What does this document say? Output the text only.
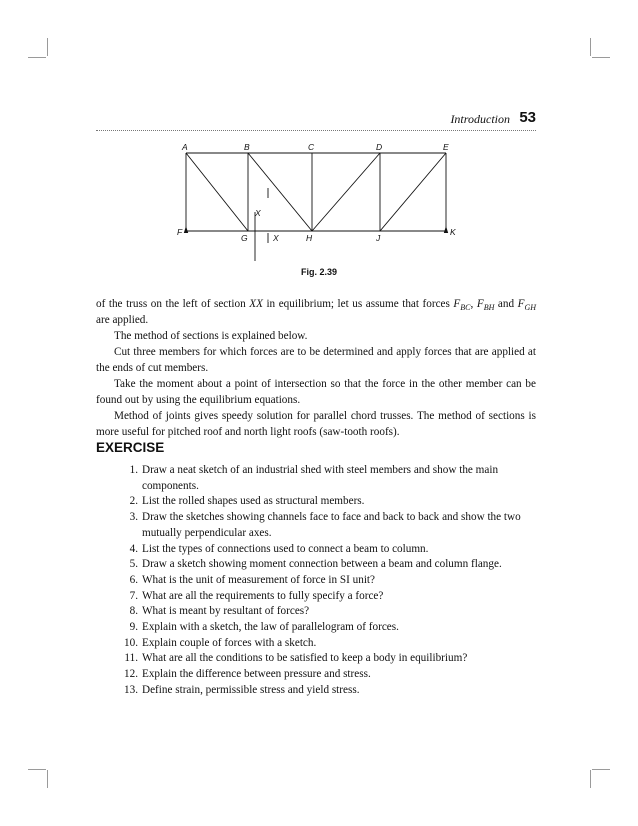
Introduction 53
A	B	C	D	E
F
G	H	J
K
X
X
Fig. 2.39

of the truss on the left of section XX in equilibrium; let us assume that forces $F_{BC}$, $F_{BH}$ and $F_{GH}$ are applied.

The method of sections is explained below.

Cut three members for which forces are to be determined and apply forces that are applied at the ends of cut members.

Take the moment about a point of intersection so that the force in the other member can be found out by using the equilibrium equations.

Method of joints gives speedy solution for parallel chord trusses. The method of sections is more useful for pitched roof and north light roofs (saw-tooth roofs).

EXERCISE
1. Draw a neat sketch of an industrial shed with steel members and show the main components.
2. List the rolled shapes used as structural members.
3. Draw the sketches showing channels face to face and back to back and show the two mutually perpendicular axes.
4. List the types of connections used to connect a beam to column.
5. Draw a sketch showing moment connection between a beam and column flange.
6. What is the unit of measurement of force in SI unit?
7. What are all the requirements to fully specify a force?
8. What is meant by resultant of forces?
9. Explain with a sketch, the law of parallelogram of forces.
10. Explain couple of forces with a sketch.
11. What are all the conditions to be satisfied to keep a body in equilibrium?
12. Explain the difference between pressure and stress.
13. Define strain, permissible stress and yield stress.
